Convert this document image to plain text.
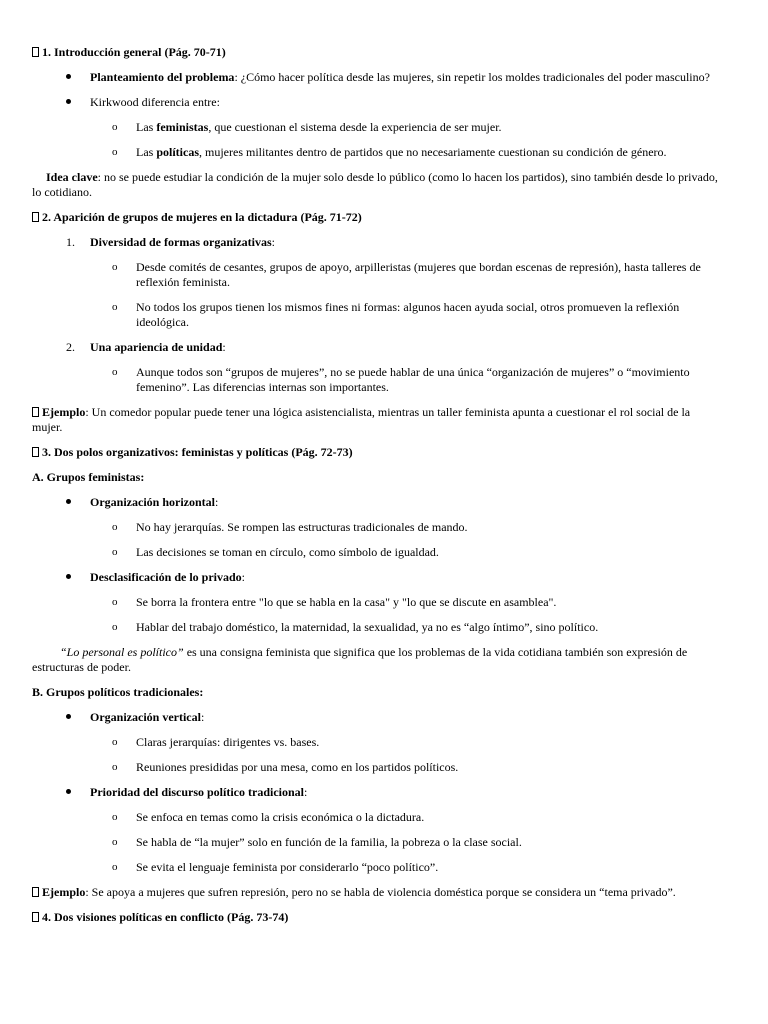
1. Introducción general (Pág. 70-71)
Planteamiento del problema: ¿Cómo hacer política desde las mujeres, sin repetir los moldes tradicionales del poder masculino?
Kirkwood diferencia entre:
o	Las feministas, que cuestionan el sistema desde la experiencia de ser mujer.
o	Las políticas, mujeres militantes dentro de partidos que no necesariamente cuestionan su condición de género.
Idea clave: no se puede estudiar la condición de la mujer solo desde lo público (como lo hacen los partidos), sino también desde lo privado, lo cotidiano.
2. Aparición de grupos de mujeres en la dictadura (Pág. 71-72)
1.	Diversidad de formas organizativas:
o	Desde comités de cesantes, grupos de apoyo, arpilleristas (mujeres que bordan escenas de represión), hasta talleres de reflexión feminista.
o	No todos los grupos tienen los mismos fines ni formas: algunos hacen ayuda social, otros promueven la reflexión ideológica.
2.	Una apariencia de unidad:
o	Aunque todos son “grupos de mujeres”, no se puede hablar de una única “organización de mujeres” o “movimiento femenino”. Las diferencias internas son importantes.
Ejemplo: Un comedor popular puede tener una lógica asistencialista, mientras un taller feminista apunta a cuestionar el rol social de la mujer.
3. Dos polos organizativos: feministas y políticas (Pág. 72-73)
A. Grupos feministas:
Organización horizontal:
o	No hay jerarquías. Se rompen las estructuras tradicionales de mando.
o	Las decisiones se toman en círculo, como símbolo de igualdad.
Desclasificación de lo privado:
o	Se borra la frontera entre "lo que se habla en la casa" y "lo que se discute en asamblea".
o	Hablar del trabajo doméstico, la maternidad, la sexualidad, ya no es “algo íntimo”, sino político.
“Lo personal es político” es una consigna feminista que significa que los problemas de la vida cotidiana también son expresión de estructuras de poder.
B. Grupos políticos tradicionales:
Organización vertical:
o	Claras jerarquías: dirigentes vs. bases.
o	Reuniones presididas por una mesa, como en los partidos políticos.
Prioridad del discurso político tradicional:
o	Se enfoca en temas como la crisis económica o la dictadura.
o	Se habla de “la mujer” solo en función de la familia, la pobreza o la clase social.
o	Se evita el lenguaje feminista por considerarlo “poco político”.
Ejemplo: Se apoya a mujeres que sufren represión, pero no se habla de violencia doméstica porque se considera un “tema privado”.
4. Dos visiones políticas en conflicto (Pág. 73-74)
